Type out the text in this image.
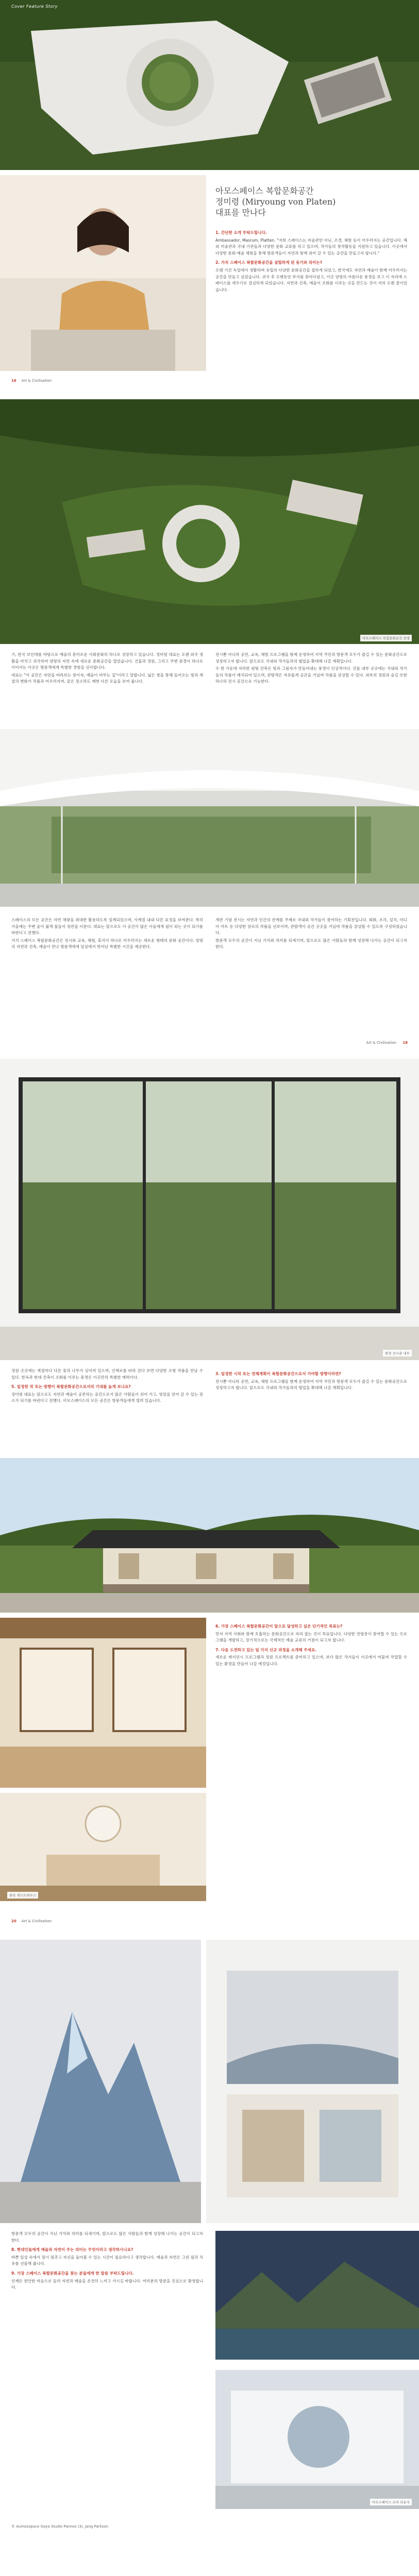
Cover Feature Story
아모스페이스 복합문화공간
정미령 (Miryoung von Platen)
대표를 만나다

1. 간단한 소개 부탁드립니다.

Ambassador, Masrum, Platten. "저희 스페이스는 미술관만 아닌, 조경, 체험 등이 어우러지는 공간입니다. 해외 미술관과 국내 기관들과 다양한 문화 교류를 하고 있으며, 작가들의 창작활동을 지원하고 있습니다. 이곳에서 다양한 문화·예술 체험을 통해 방문객들이 자연과 함께 쉬어 갈 수 있는 공간을 만들고자 합니다."

2. 가치 스페이스 복합문화공간을 설립하게 된 동기와 의미는?

오랜 기간 독일에서 생활하며 유럽의 다양한 문화공간을 접하게 되었고, 한국에도 자연과 예술이 함께 어우러지는 공간을 만들고 싶었습니다. 귀국 후 오랫동안 부지를 찾아다녔고, 이곳 양평의 아름다운 풍경을 보고 이 자리에 스페이스를 세우기로 결심하게 되었습니다. 자연과 건축, 예술이 조화를 이루는 곳을 만드는 것이 저의 오랜 꿈이었습니다.

16 Art & Civilisation
아모스페이스 복합문화공간 전경

기, 한국 보인테를 바탕으로 예술의 흥미로운 사회문화의 하나로 성장하고 있습니다. 정미령 대표는 오랜 외국 생활을 마치고 귀국하여 양평의 자연 속에 새로운 문화공간을 열었습니다. 건물과 정원, 그리고 주변 풍경이 하나로 이어지는 이곳은 방문객에게 특별한 경험을 선사합니다.

대표는 "이 공간은 자연을 바라보는 창이자, 예술이 머무는 집"이라고 말합니다. 넓은 창을 통해 들어오는 빛과 계절의 변화가 작품과 어우러지며, 같은 장소라도 매번 다른 모습을 보여 줍니다.

전시뿐 아니라 공연, 교육, 체험 프로그램을 함께 운영하여 지역 주민과 방문객 모두가 즐길 수 있는 문화공간으로 성장하고자 합니다. 앞으로도 국내외 작가들과의 협업을 확대해 나갈 계획입니다.

수 한 가운데 자리한 원형 건축은 빛과 그림자가 만들어내는 풍경이 인상적이다. 건물 내부 곳곳에는 국내외 작가들의 작품이 배치되어 있으며, 관람객은 자유롭게 공간을 거닐며 작품을 감상할 수 있다. 외부의 정원과 숲길 또한 하나의 전시 공간으로 기능한다.

스페이스의 모든 공간은 자연 채광을 최대한 활용하도록 설계되었으며, 사계절 내내 다른 표정을 보여준다. 특히 가을에는 주변 숲이 붉게 물들어 장관을 이룬다. 대표는 앞으로도 이 공간이 많은 이들에게 쉼이 되는 곳이 되기를 바란다고 전했다.

가치 스페이스 복합문화공간은 전시와 교육, 체험, 휴식이 하나로 어우러지는 새로운 형태의 문화 공간이다. 양평의 자연과 건축, 예술이 만나 방문객에게 일상에서 벗어난 특별한 시간을 제공한다.

개관 기념 전시는 자연과 인간의 관계를 주제로 국내외 작가들이 참여하는 기획전입니다. 회화, 조각, 설치, 미디어 아트 등 다양한 장르의 작품을 선보이며, 관람객이 공간 곳곳을 거닐며 작품을 감상할 수 있도록 구성하였습니다.

방문객 모두의 공간이 지닌 가치와 의미를 되새기며, 앞으로도 많은 사람들과 함께 성장해 나가는 공간이 되고자 한다.

Art & Civilisation 18
원형 전시관 내부

정원 곳곳에는 계절마다 다른 꽃과 나무가 심어져 있으며, 산책로를 따라 걷다 보면 다양한 조형 작품을 만날 수 있다. 한옥과 현대 건축이 조화를 이루는 풍경은 이곳만의 특별한 매력이다.

5. 일정한 작 또는 방향이 복합문화공간으로서의 기대를 높게 보나요?

정미령 대표는 앞으로도 자연과 예술이 공존하는 공간으로서 많은 사람들이 쉬어 가고, 영감을 얻어 갈 수 있는 장소가 되기를 바란다고 전했다. 아모스페이스의 모든 공간은 방문객들에게 열려 있습니다.

3. 일정한 시작 또는 전체계획이 복합문화공간으로서 가야할 방향이라면?

전시뿐 아니라 공연, 교육, 체험 프로그램을 함께 운영하여 지역 주민과 방문객 모두가 즐길 수 있는 문화공간으로 성장하고자 합니다. 앞으로도 국내외 작가들과의 협업을 확대해 나갈 계획입니다.

한옥 게스트하우스

6. 가장 스페이스 복합문화공간이 앞으로 달성하고 싶은 단기적인 목표는?

먼저 지역 사회와 함께 호흡하는 문화공간으로 자리 잡는 것이 목표입니다. 다양한 연령층이 참여할 수 있는 프로그램을 개발하고, 장기적으로는 국제적인 예술 교류의 거점이 되고자 합니다.

7. 다음 도전하고 있는 일 가지 신규 과정을 소개해 주세요.

새로운 레지던시 프로그램과 정원 프로젝트를 준비하고 있으며, 보다 많은 작가들이 이곳에서 머물며 작업할 수 있는 환경을 만들어 나갈 예정입니다.

20 Art & Civilisation

방문객 모두의 공간이 지닌 가치와 의미를 되새기며, 앞으로도 많은 사람들과 함께 성장해 나가는 공간이 되고자 한다.

8. 현대인들에게 예술과 자연이 주는 의미는 무엇이라고 생각하시나요?

바쁜 일상 속에서 잠시 멈추고 자신을 돌아볼 수 있는 시간이 필요하다고 생각합니다. 예술과 자연은 그런 쉼과 치유를 선물해 줍니다.

9. 가장 스페이스 복합문화공간을 찾는 분들에게 한 말씀 부탁드립니다.

언제든 편안한 마음으로 들러 자연과 예술을 온전히 느끼고 가시길 바랍니다. 여러분의 방문을 진심으로 환영합니다.

아모스페이스 로비 라운지
© Aumosopace Gaya Studio Pannes (3), Jang Parkson
